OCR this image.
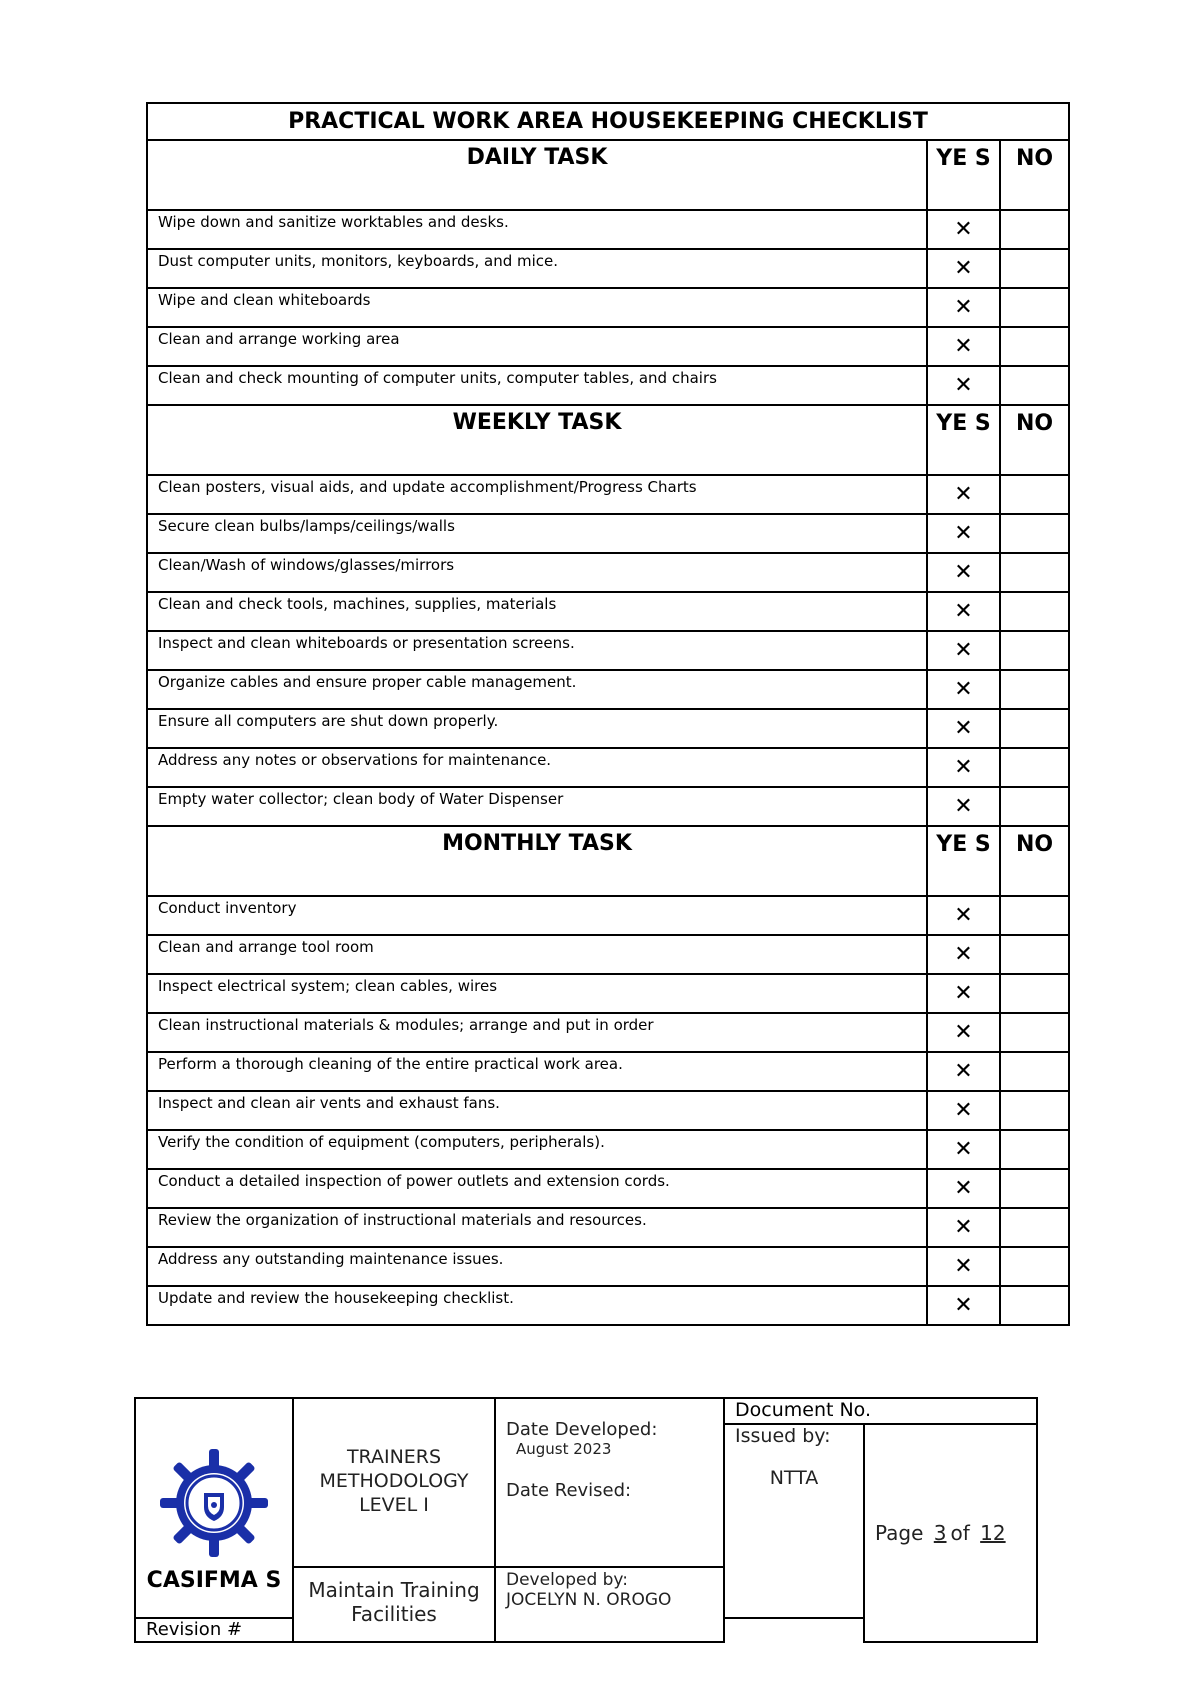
PRACTICAL WORK AREA HOUSEKEEPING CHECKLIST		
DAILY TASK	YE S	NO
Wipe down and sanitize worktables and desks.	✕	
Dust computer units, monitors, keyboards, and mice.	✕	
Wipe and clean whiteboards	✕	
Clean and arrange working area	✕	
Clean and check mounting of computer units, computer tables, and chairs	✕	
WEEKLY TASK	YE S	NO
Clean posters, visual aids, and update accomplishment/Progress Charts	✕	
Secure clean bulbs/lamps/ceilings/walls	✕	
Clean/Wash of windows/glasses/mirrors	✕	
Clean and check tools, machines, supplies, materials	✕	
Inspect and clean whiteboards or presentation screens.	✕	
Organize cables and ensure proper cable management.	✕	
Ensure all computers are shut down properly.	✕	
Address any notes or observations for maintenance.	✕	
Empty water collector; clean body of Water Dispenser	✕	
MONTHLY TASK	YE S	NO
Conduct inventory	✕	
Clean and arrange tool room	✕	
Inspect electrical system; clean cables, wires	✕	
Clean instructional materials & modules; arrange and put in order	✕	
Perform a thorough cleaning of the entire practical work area.	✕	
Inspect and clean air vents and exhaust fans.	✕	
Verify the condition of equipment (computers, peripherals).	✕	
Conduct a detailed inspection of power outlets and extension cords.	✕	
Review the organization of instructional materials and resources.	✕	
Address any outstanding maintenance issues.	✕	
Update and review the housekeeping checklist.	✕	
CASIFMA S	TRAINERS METHODOLOGY LEVEL I	Date Developed:
August 2023
Date Revised:	Document No.	

			Issued by:
NTTA	Page 3 of 12
	Maintain Training Facilities	Developed by:
JOCELYN N. OROGO		

Revision #				
